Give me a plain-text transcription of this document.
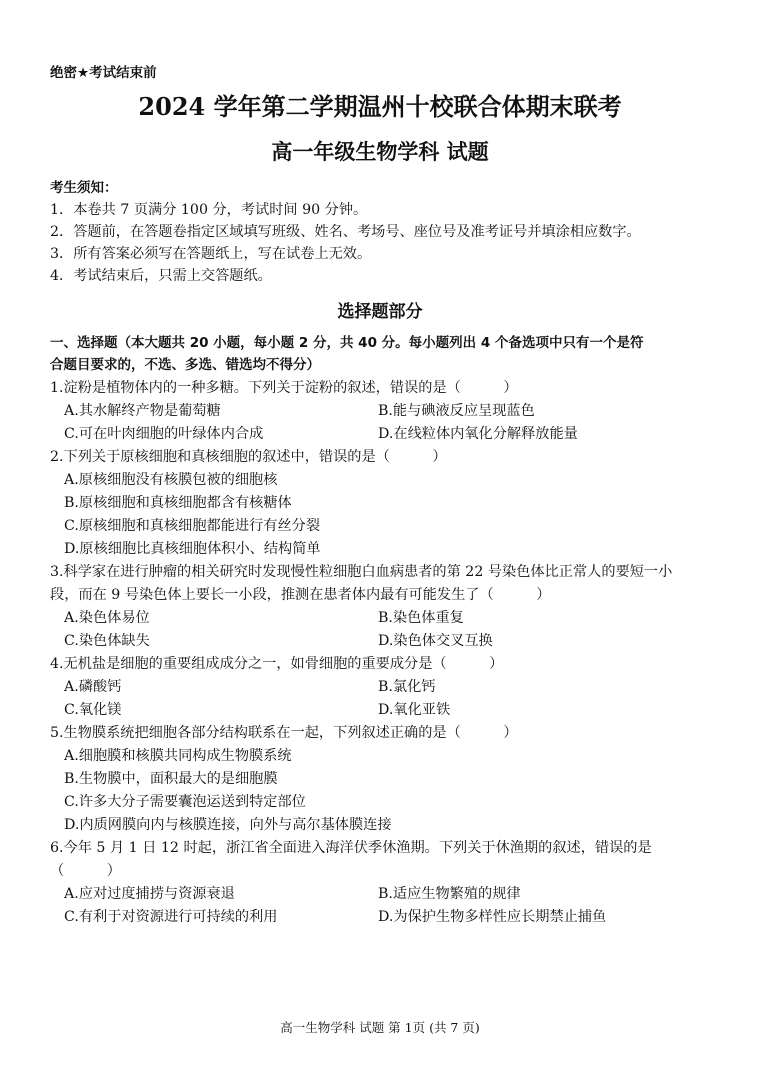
绝密★考试结束前
2024 学年第二学期温州十校联合体期末联考
高一年级生物学科 试题
考生须知：
1．本卷共 7 页满分 100 分，考试时间 90 分钟。
2．答题前，在答题卷指定区域填写班级、姓名、考场号、座位号及准考证号并填涂相应数字。
3．所有答案必须写在答题纸上，写在试卷上无效。
4．考试结束后，只需上交答题纸。
选择题部分
一、选择题（本大题共 20 小题，每小题 2 分，共 40 分。每小题列出 4 个备选项中只有一个是符
合题目要求的，不选、多选、错选均不得分）
1.淀粉是植物体内的一种多糖。下列关于淀粉的叙述，错误的是（　　　）
A.其水解终产物是葡萄糖	B.能与碘液反应呈现蓝色
C.可在叶肉细胞的叶绿体内合成	D.在线粒体内氧化分解释放能量
2.下列关于原核细胞和真核细胞的叙述中，错误的是（　　　）
A.原核细胞没有核膜包被的细胞核
B.原核细胞和真核细胞都含有核糖体
C.原核细胞和真核细胞都能进行有丝分裂
D.原核细胞比真核细胞体积小、结构简单
3.科学家在进行肿瘤的相关研究时发现慢性粒细胞白血病患者的第 22 号染色体比正常人的要短一小
段，而在 9 号染色体上要长一小段，推测在患者体内最有可能发生了（　　　）
A.染色体易位	B.染色体重复
C.染色体缺失	D.染色体交叉互换
4.无机盐是细胞的重要组成成分之一，如骨细胞的重要成分是（　　　）
A.磷酸钙	B.氯化钙
C.氧化镁	D.氧化亚铁
5.生物膜系统把细胞各部分结构联系在一起，下列叙述正确的是（　　　）
A.细胞膜和核膜共同构成生物膜系统
B.生物膜中，面积最大的是细胞膜
C.许多大分子需要囊泡运送到特定部位
D.内质网膜向内与核膜连接，向外与高尔基体膜连接
6.今年 5 月 1 日 12 时起，浙江省全面进入海洋伏季休渔期。下列关于休渔期的叙述，错误的是
（　　　）
A.应对过度捕捞与资源衰退	B.适应生物繁殖的规律
C.有利于对资源进行可持续的利用	D.为保护生物多样性应长期禁止捕鱼
高一生物学科 试题 第 1页 (共 7 页)
